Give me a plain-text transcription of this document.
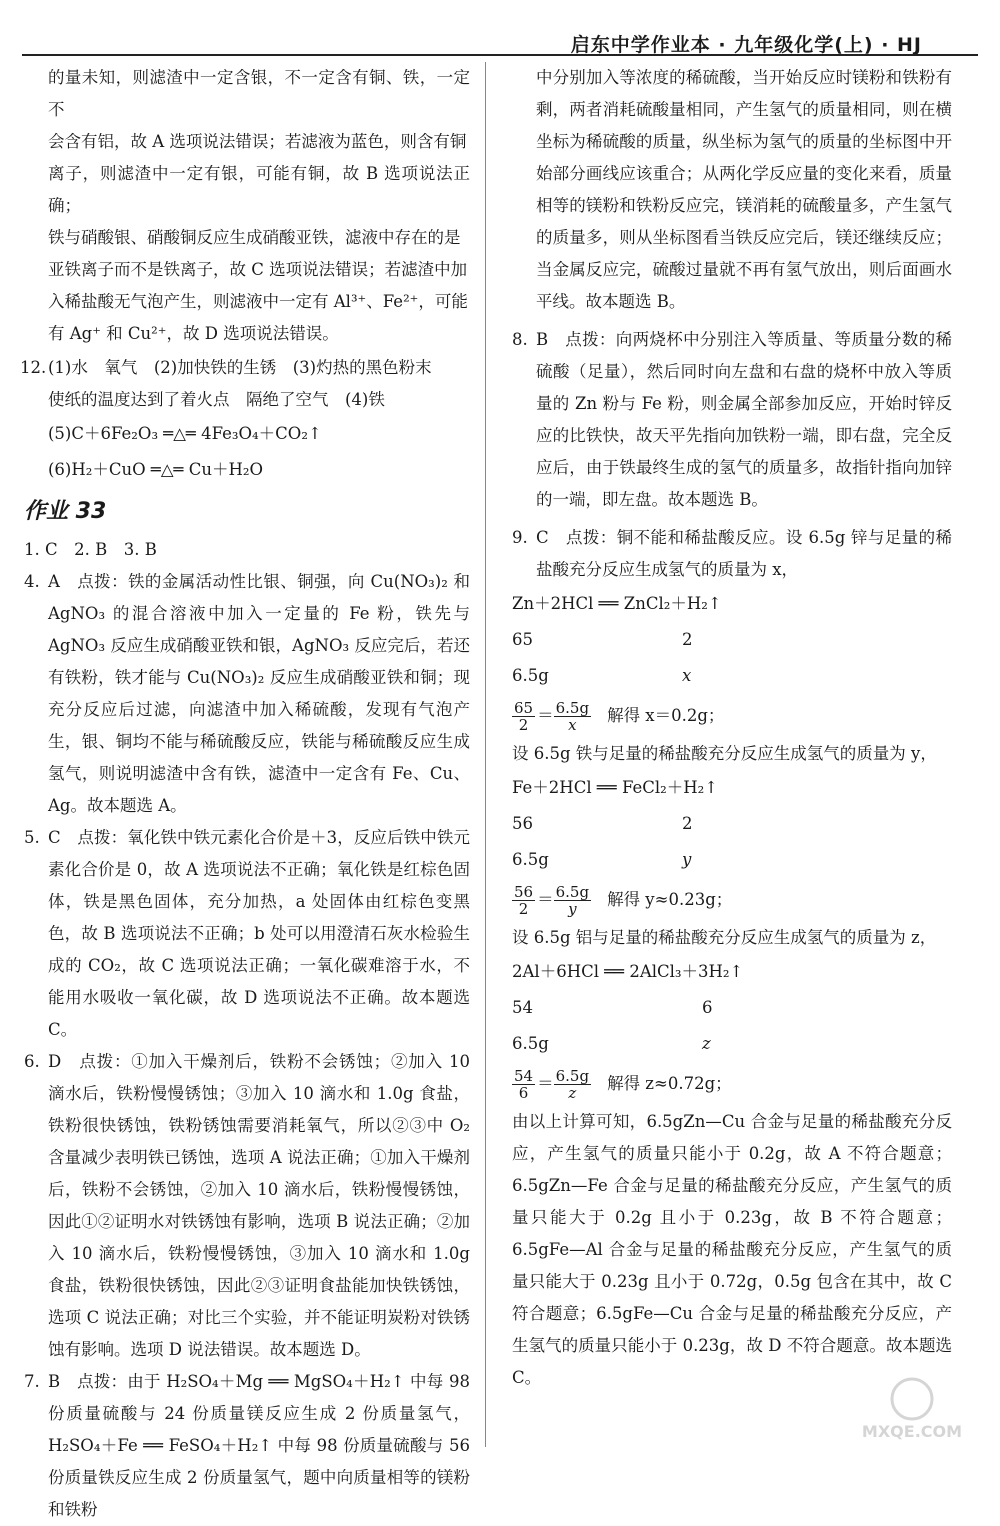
启东中学作业本 · 九年级化学(上) · HJ

的量未知，则滤渣中一定含银，不一定含有铜、铁，一定不

会含有铝，故 A 选项说法错误；若滤液为蓝色，则含有铜

离子，则滤渣中一定有银，可能有铜，故 B 选项说法正确；

铁与硝酸银、硝酸铜反应生成硝酸亚铁，滤液中存在的是

亚铁离子而不是铁离子，故 C 选项说法错误；若滤渣中加

入稀盐酸无气泡产生，则滤液中一定有 Al³⁺、Fe²⁺，可能

有 Ag⁺ 和 Cu²⁺，故 D 选项说法错误。

12. (1)水　氧气　(2)加快铁的生锈　(3)灼热的黑色粉末

使纸的温度达到了着火点　隔绝了空气　(4)铁

(5)C＋6Fe₂O₃ ═△═ 4Fe₃O₄＋CO₂↑

(6)H₂＋CuO ═△═ Cu＋H₂O

作业 33

1. C　2. B　3. B

4. A　点拨：铁的金属活动性比银、铜强，向 Cu(NO₃)₂ 和 AgNO₃ 的混合溶液中加入一定量的 Fe 粉，铁先与 AgNO₃ 反应生成硝酸亚铁和银，AgNO₃ 反应完后，若还有铁粉，铁才能与 Cu(NO₃)₂ 反应生成硝酸亚铁和铜；现充分反应后过滤，向滤渣中加入稀硫酸，发现有气泡产生，银、铜均不能与稀硫酸反应，铁能与稀硫酸反应生成氢气，则说明滤渣中含有铁，滤渣中一定含有 Fe、Cu、Ag。故本题选 A。

5. C　点拨：氧化铁中铁元素化合价是＋3，反应后铁中铁元素化合价是 0，故 A 选项说法不正确；氧化铁是红棕色固体，铁是黑色固体，充分加热，a 处固体由红棕色变黑色，故 B 选项说法不正确；b 处可以用澄清石灰水检验生成的 CO₂，故 C 选项说法正确；一氧化碳难溶于水，不能用水吸收一氧化碳，故 D 选项说法不正确。故本题选 C。

6. D　点拨：①加入干燥剂后，铁粉不会锈蚀；②加入 10 滴水后，铁粉慢慢锈蚀；③加入 10 滴水和 1.0g 食盐，铁粉很快锈蚀，铁粉锈蚀需要消耗氧气，所以②③中 O₂ 含量减少表明铁已锈蚀，选项 A 说法正确；①加入干燥剂后，铁粉不会锈蚀，②加入 10 滴水后，铁粉慢慢锈蚀，因此①②证明水对铁锈蚀有影响，选项 B 说法正确；②加入 10 滴水后，铁粉慢慢锈蚀，③加入 10 滴水和 1.0g 食盐，铁粉很快锈蚀，因此②③证明食盐能加快铁锈蚀，选项 C 说法正确；对比三个实验，并不能证明炭粉对铁锈蚀有影响。选项 D 说法错误。故本题选 D。

7. B　点拨：由于 H₂SO₄＋Mg ══ MgSO₄＋H₂↑ 中每 98 份质量硫酸与 24 份质量镁反应生成 2 份质量氢气，H₂SO₄＋Fe ══ FeSO₄＋H₂↑ 中每 98 份质量硫酸与 56 份质量铁反应生成 2 份质量氢气，题中向质量相等的镁粉和铁粉

中分别加入等浓度的稀硫酸，当开始反应时镁粉和铁粉有剩，两者消耗硫酸量相同，产生氢气的质量相同，则在横坐标为稀硫酸的质量，纵坐标为氢气的质量的坐标图中开始部分画线应该重合；从两化学反应量的变化来看，质量相等的镁粉和铁粉反应完，镁消耗的硫酸量多，产生氢气的质量多，则从坐标图看当铁反应完后，镁还继续反应；当金属反应完，硫酸过量就不再有氢气放出，则后面画水平线。故本题选 B。

8. B　点拨：向两烧杯中分别注入等质量、等质量分数的稀硫酸（足量），然后同时向左盘和右盘的烧杯中放入等质量的 Zn 粉与 Fe 粉，则金属全部参加反应，开始时锌反应的比铁快，故天平先指向加铁粉一端，即右盘，完全反应后，由于铁最终生成的氢气的质量多，故指针指向加锌的一端，即左盘。故本题选 B。

9. C　点拨：铜不能和稀盐酸反应。设 6.5g 锌与足量的稀盐酸充分反应生成氢气的质量为 x，

Zn＋2HCl ══ ZnCl₂＋H₂↑
65	2
6.5g	x
$\frac{65}{2} = \frac{6.5g}{x}$ 解得 x＝0.2g；

设 6.5g 铁与足量的稀盐酸充分反应生成氢气的质量为 y，

Fe＋2HCl ══ FeCl₂＋H₂↑
56	2
6.5g	y
$\frac{56}{2} = \frac{6.5g}{y}$ 解得 y≈0.23g；

设 6.5g 铝与足量的稀盐酸充分反应生成氢气的质量为 z，

2Al＋6HCl ══ 2AlCl₃＋3H₂↑
54	6
6.5g	z
$\frac{54}{6} = \frac{6.5g}{z}$ 解得 z≈0.72g；

由以上计算可知，6.5gZn—Cu 合金与足量的稀盐酸充分反应，产生氢气的质量只能小于 0.2g，故 A 不符合题意；6.5gZn—Fe 合金与足量的稀盐酸充分反应，产生氢气的质量只能大于 0.2g 且小于 0.23g，故 B 不符合题意；6.5gFe—Al 合金与足量的稀盐酸充分反应，产生氢气的质量只能大于 0.23g 且小于 0.72g，0.5g 包含在其中，故 C 符合题意；6.5gFe—Cu 合金与足量的稀盐酸充分反应，产生氢气的质量只能小于 0.23g，故 D 不符合题意。故本题选 C。

MXQE.COM
